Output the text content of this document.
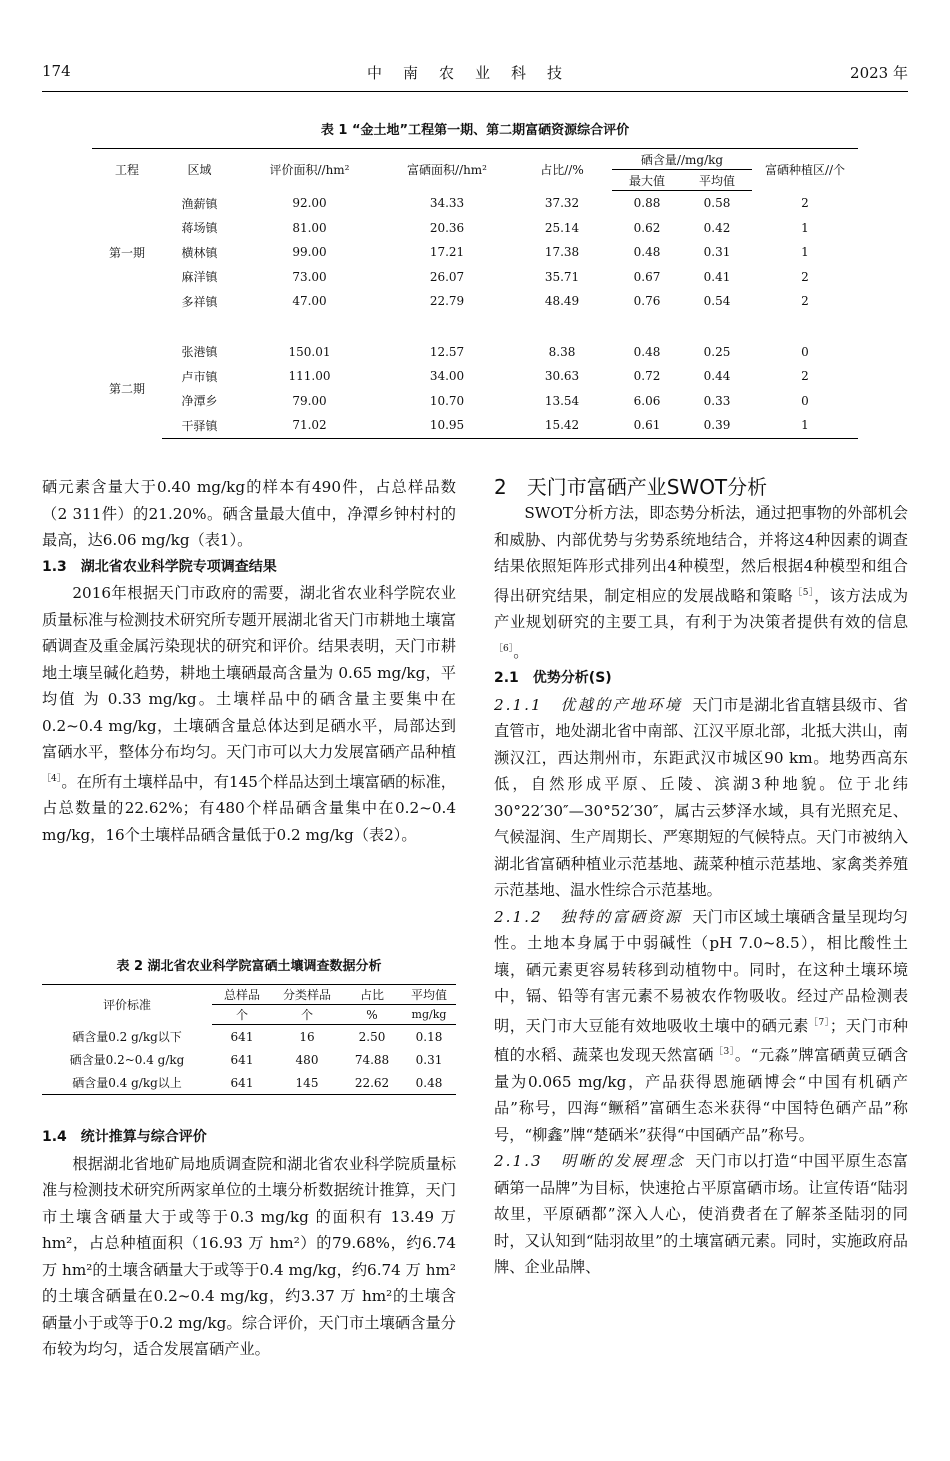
174	中南农业科技	2023 年
表 1 “金土地”工程第一期、第二期富硒资源综合评价
工程	区域	评价面积//hm²	富硒面积//hm²	占比//%	硒含量//mg/kg		富硒种植区//个
					最大值	平均值	
第一期	渔薪镇	92.00	34.33	37.32	0.88	0.58	2
	蒋场镇	81.00	20.36	25.14	0.62	0.42	1
	横林镇	99.00	17.21	17.38	0.48	0.31	1
	麻洋镇	73.00	26.07	35.71	0.67	0.41	2
	多祥镇	47.00	22.79	48.49	0.76	0.54	2

第二期	张港镇	150.01	12.57	8.38	0.48	0.25	0
	卢市镇	111.00	34.00	30.63	0.72	0.44	2
	净潭乡	79.00	10.70	13.54	6.06	0.33	0
	干驿镇	71.02	10.95	15.42	0.61	0.39	1

硒元素含量大于0.40 mg/kg的样本有490件，占总样品数（2 311件）的21.20%。硒含量最大值中，净潭乡钟村村的最高，达6.06 mg/kg（表1）。

1.3　湖北省农业科学院专项调查结果

2016年根据天门市政府的需要，湖北省农业科学院农业质量标准与检测技术研究所专题开展湖北省天门市耕地土壤富硒调查及重金属污染现状的研究和评价。结果表明，天门市耕地土壤呈碱化趋势，耕地土壤硒最高含量为 0.65 mg/kg，平均值 为 0.33 mg/kg。土壤样品中的硒含量主要集中在0.2~0.4 mg/kg，土壤硒含量总体达到足硒水平，局部达到富硒水平，整体分布均匀。天门市可以大力发展富硒产品种植$^{[4]}$。在所有土壤样品中，有145个样品达到土壤富硒的标准，占总数量的22.62%；有480个样品硒含量集中在0.2~0.4 mg/kg，16个土壤样品硒含量低于0.2 mg/kg（表2）。

表 2 湖北省农业科学院富硒土壤调查数据分析
评价标准	总样品	分类样品	占比	平均值
	个	个	%	mg/kg
硒含量0.2 g/kg以下	641	16	2.50	0.18
硒含量0.2~0.4 g/kg	641	480	74.88	0.31
硒含量0.4 g/kg以上	641	145	22.62	0.48

1.4　统计推算与综合评价

根据湖北省地矿局地质调查院和湖北省农业科学院质量标准与检测技术研究所两家单位的土壤分析数据统计推算，天门市土壤含硒量大于或等于0.3 mg/kg 的面积有 13.49 万 hm²，占总种植面积（16.93 万 hm²）的79.68%，约6.74 万 hm²的土壤含硒量大于或等于0.4 mg/kg，约6.74 万 hm²的土壤含硒量在0.2~0.4 mg/kg，约3.37 万 hm²的土壤含硒量小于或等于0.2 mg/kg。综合评价，天门市土壤硒含量分布较为均匀，适合发展富硒产业。

2　天门市富硒产业SWOT分析

SWOT分析方法，即态势分析法，通过把事物的外部机会和威胁、内部优势与劣势系统地结合，并将这4种因素的调查结果依照矩阵形式排列出4种模型，然后根据4种模型和组合得出研究结果，制定相应的发展战略和策略$^{[5]}$，该方法成为产业规划研究的主要工具，有利于为决策者提供有效的信息$^{[6]}$。

2.1　优势分析(S)

2.1.1　优越的产地环境 天门市是湖北省直辖县级市、省直管市，地处湖北省中南部、江汉平原北部，北抵大洪山，南濒汉江，西达荆州市，东距武汉市城区90 km。地势西高东低，自然形成平原、丘陵、滨湖3种地貌。位于北纬30°22′30″—30°52′30″，属古云梦泽水域，具有光照充足、气候湿润、生产周期长、严寒期短的气候特点。天门市被纳入湖北省富硒种植业示范基地、蔬菜种植示范基地、家禽类养殖示范基地、温水性综合示范基地。

2.1.2　独特的富硒资源 天门市区域土壤硒含量呈现均匀性。土地本身属于中弱碱性（pH 7.0~8.5），相比酸性土壤，硒元素更容易转移到动植物中。同时，在这种土壤环境中，镉、铅等有害元素不易被农作物吸收。经过产品检测表明，天门市大豆能有效地吸收土壤中的硒元素$^{[7]}$；天门市种植的水稻、蔬菜也发现天然富硒$^{[3]}$。“元淼”牌富硒黄豆硒含量为0.065 mg/kg，产品获得恩施硒博会“中国有机硒产品”称号，四海“鳜稻”富硒生态米获得“中国特色硒产品”称号，“柳鑫”牌“楚硒米”获得“中国硒产品”称号。

2.1.3　明晰的发展理念 天门市以打造“中国平原生态富硒第一品牌”为目标，快速抢占平原富硒市场。让宣传语“陆羽故里，平原硒都”深入人心，使消费者在了解茶圣陆羽的同时，又认知到“陆羽故里”的土壤富硒元素。同时，实施政府品牌、企业品牌、
